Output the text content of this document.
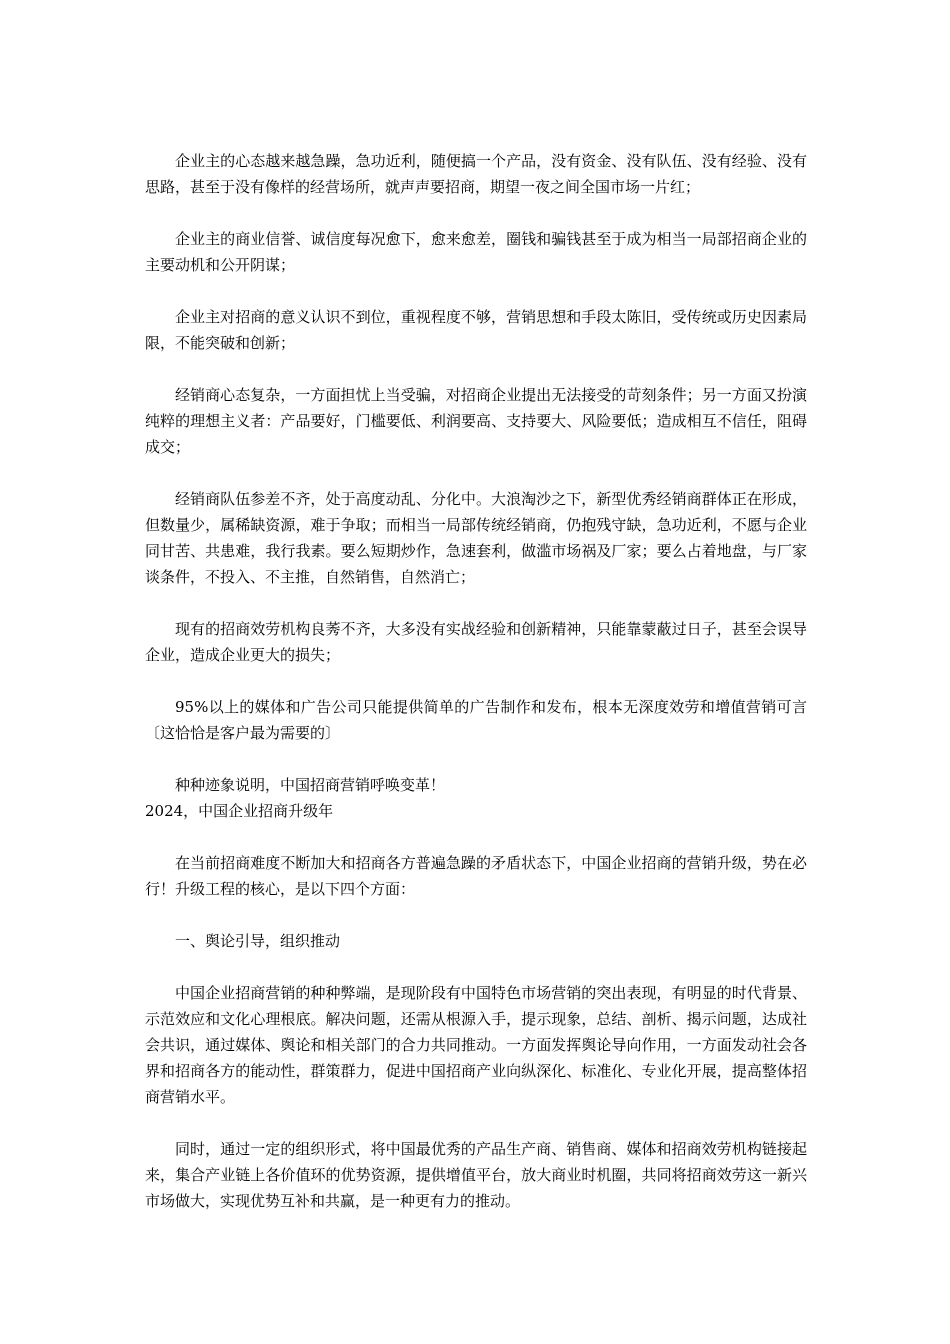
企业主的心态越来越急躁，急功近利，随便搞一个产品，没有资金、没有队伍、没有经验、没有思路，甚至于没有像样的经营场所，就声声要招商，期望一夜之间全国市场一片红；

企业主的商业信誉、诚信度每况愈下，愈来愈差，圈钱和骗钱甚至于成为相当一局部招商企业的主要动机和公开阴谋；

企业主对招商的意义认识不到位，重视程度不够，营销思想和手段太陈旧，受传统或历史因素局限，不能突破和创新；

经销商心态复杂，一方面担忧上当受骗，对招商企业提出无法接受的苛刻条件；另一方面又扮演纯粹的理想主义者：产品要好，门槛要低、利润要高、支持要大、风险要低；造成相互不信任，阻碍成交；

经销商队伍参差不齐，处于高度动乱、分化中。大浪淘沙之下，新型优秀经销商群体正在形成，但数量少，属稀缺资源，难于争取；而相当一局部传统经销商，仍抱残守缺，急功近利，不愿与企业同甘苦、共患难，我行我素。要么短期炒作，急速套利，做滥市场祸及厂家；要么占着地盘，与厂家谈条件，不投入、不主推，自然销售，自然消亡；

现有的招商效劳机构良莠不齐，大多没有实战经验和创新精神，只能靠蒙蔽过日子，甚至会误导企业，造成企业更大的损失；

95%以上的媒体和广告公司只能提供简单的广告制作和发布，根本无深度效劳和增值营销可言〔这恰恰是客户最为需要的〕

种种迹象说明，中国招商营销呼唤变革！

2024，中国企业招商升级年

在当前招商难度不断加大和招商各方普遍急躁的矛盾状态下，中国企业招商的营销升级，势在必行！升级工程的核心，是以下四个方面：

一、舆论引导，组织推动

中国企业招商营销的种种弊端，是现阶段有中国特色市场营销的突出表现，有明显的时代背景、示范效应和文化心理根底。解决问题，还需从根源入手，提示现象，总结、剖析、揭示问题，达成社会共识，通过媒体、舆论和相关部门的合力共同推动。一方面发挥舆论导向作用，一方面发动社会各界和招商各方的能动性，群策群力，促进中国招商产业向纵深化、标准化、专业化开展，提高整体招商营销水平。

同时，通过一定的组织形式，将中国最优秀的产品生产商、销售商、媒体和招商效劳机构链接起来，集合产业链上各价值环的优势资源，提供增值平台，放大商业时机圈，共同将招商效劳这一新兴市场做大，实现优势互补和共赢，是一种更有力的推动。
